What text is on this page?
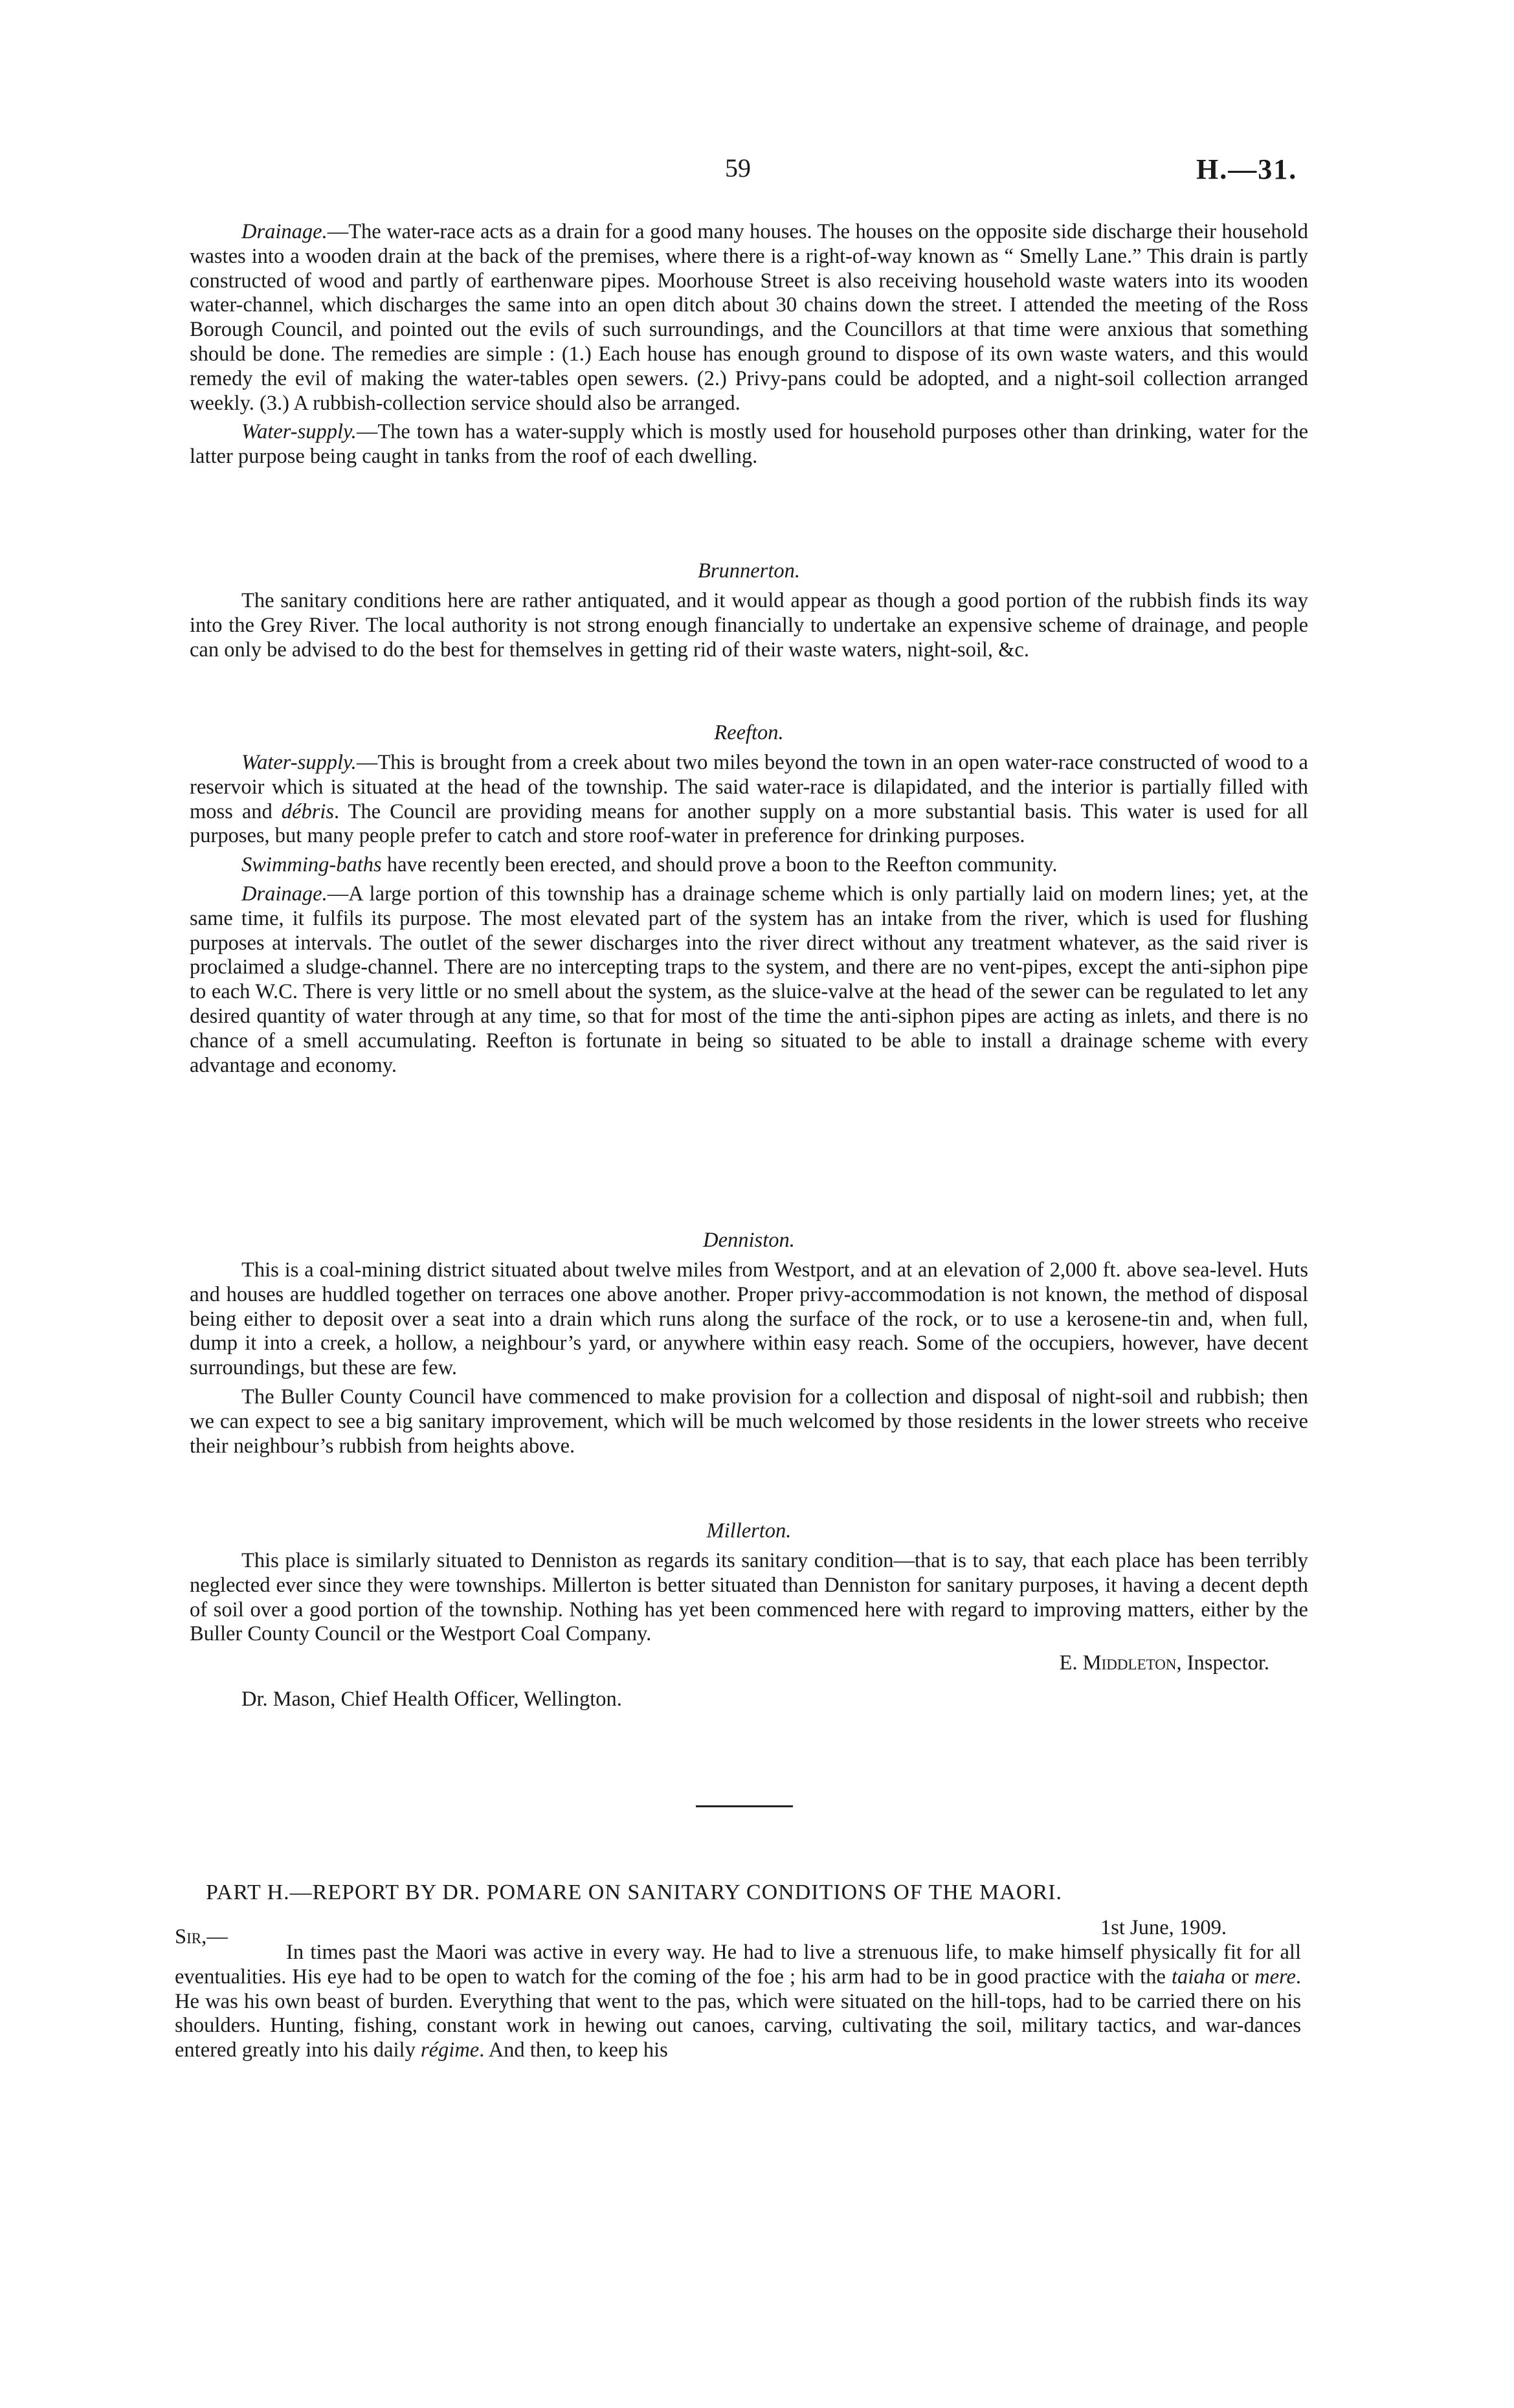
59	H.—31.

Drainage.—The water-race acts as a drain for a good many houses. The houses on the opposite side discharge their household wastes into a wooden drain at the back of the premises, where there is a right-of-way known as “ Smelly Lane.” This drain is partly constructed of wood and partly of earthenware pipes. Moorhouse Street is also receiving household waste waters into its wooden water-channel, which discharges the same into an open ditch about 30 chains down the street. I attended the meeting of the Ross Borough Council, and pointed out the evils of such surroundings, and the Councillors at that time were anxious that something should be done. The remedies are simple : (1.) Each house has enough ground to dispose of its own waste waters, and this would remedy the evil of making the water-tables open sewers. (2.) Privy-pans could be adopted, and a night-soil collection arranged weekly. (3.) A rubbish-collection service should also be arranged.

Water-supply.—The town has a water-supply which is mostly used for household purposes other than drinking, water for the latter purpose being caught in tanks from the roof of each dwelling.

Brunnerton.

The sanitary conditions here are rather antiquated, and it would appear as though a good portion of the rubbish finds its way into the Grey River. The local authority is not strong enough financially to undertake an expensive scheme of drainage, and people can only be advised to do the best for themselves in getting rid of their waste waters, night-soil, &c.

Reefton.

Water-supply.—This is brought from a creek about two miles beyond the town in an open water-race constructed of wood to a reservoir which is situated at the head of the township. The said water-race is dilapidated, and the interior is partially filled with moss and débris. The Council are providing means for another supply on a more substantial basis. This water is used for all purposes, but many people prefer to catch and store roof-water in preference for drinking purposes.

Swimming-baths have recently been erected, and should prove a boon to the Reefton community.

Drainage.—A large portion of this township has a drainage scheme which is only partially laid on modern lines; yet, at the same time, it fulfils its purpose. The most elevated part of the system has an intake from the river, which is used for flushing purposes at intervals. The outlet of the sewer discharges into the river direct without any treatment whatever, as the said river is proclaimed a sludge-channel. There are no intercepting traps to the system, and there are no vent-pipes, except the anti-siphon pipe to each W.C. There is very little or no smell about the system, as the sluice-valve at the head of the sewer can be regulated to let any desired quantity of water through at any time, so that for most of the time the anti-siphon pipes are acting as inlets, and there is no chance of a smell accumulating. Reefton is fortunate in being so situated to be able to install a drainage scheme with every advantage and economy.

Denniston.

This is a coal-mining district situated about twelve miles from Westport, and at an elevation of 2,000 ft. above sea-level. Huts and houses are huddled together on terraces one above another. Proper privy-accommodation is not known, the method of disposal being either to deposit over a seat into a drain which runs along the surface of the rock, or to use a kerosene-tin and, when full, dump it into a creek, a hollow, a neighbour’s yard, or anywhere within easy reach. Some of the occupiers, however, have decent surroundings, but these are few.

The Buller County Council have commenced to make provision for a collection and disposal of night-soil and rubbish; then we can expect to see a big sanitary improvement, which will be much welcomed by those residents in the lower streets who receive their neighbour’s rubbish from heights above.

Millerton.

This place is similarly situated to Denniston as regards its sanitary condition—that is to say, that each place has been terribly neglected ever since they were townships. Millerton is better situated than Denniston for sanitary purposes, it having a decent depth of soil over a good portion of the township. Nothing has yet been commenced here with regard to improving matters, either by the Buller County Council or the Westport Coal Company.

E. Middleton, Inspector.

Dr. Mason, Chief Health Officer, Wellington.

PART H.—REPORT BY DR. POMARE ON SANITARY CONDITIONS OF THE MAORI.
Sir,—	1st June, 1909.

In times past the Maori was active in every way. He had to live a strenuous life, to make himself physically fit for all eventualities. His eye had to be open to watch for the coming of the foe ; his arm had to be in good practice with the taiaha or mere. He was his own beast of burden. Everything that went to the pas, which were situated on the hill-tops, had to be carried there on his shoulders. Hunting, fishing, constant work in hewing out canoes, carving, cultivating the soil, military tactics, and war-dances entered greatly into his daily régime. And then, to keep his
